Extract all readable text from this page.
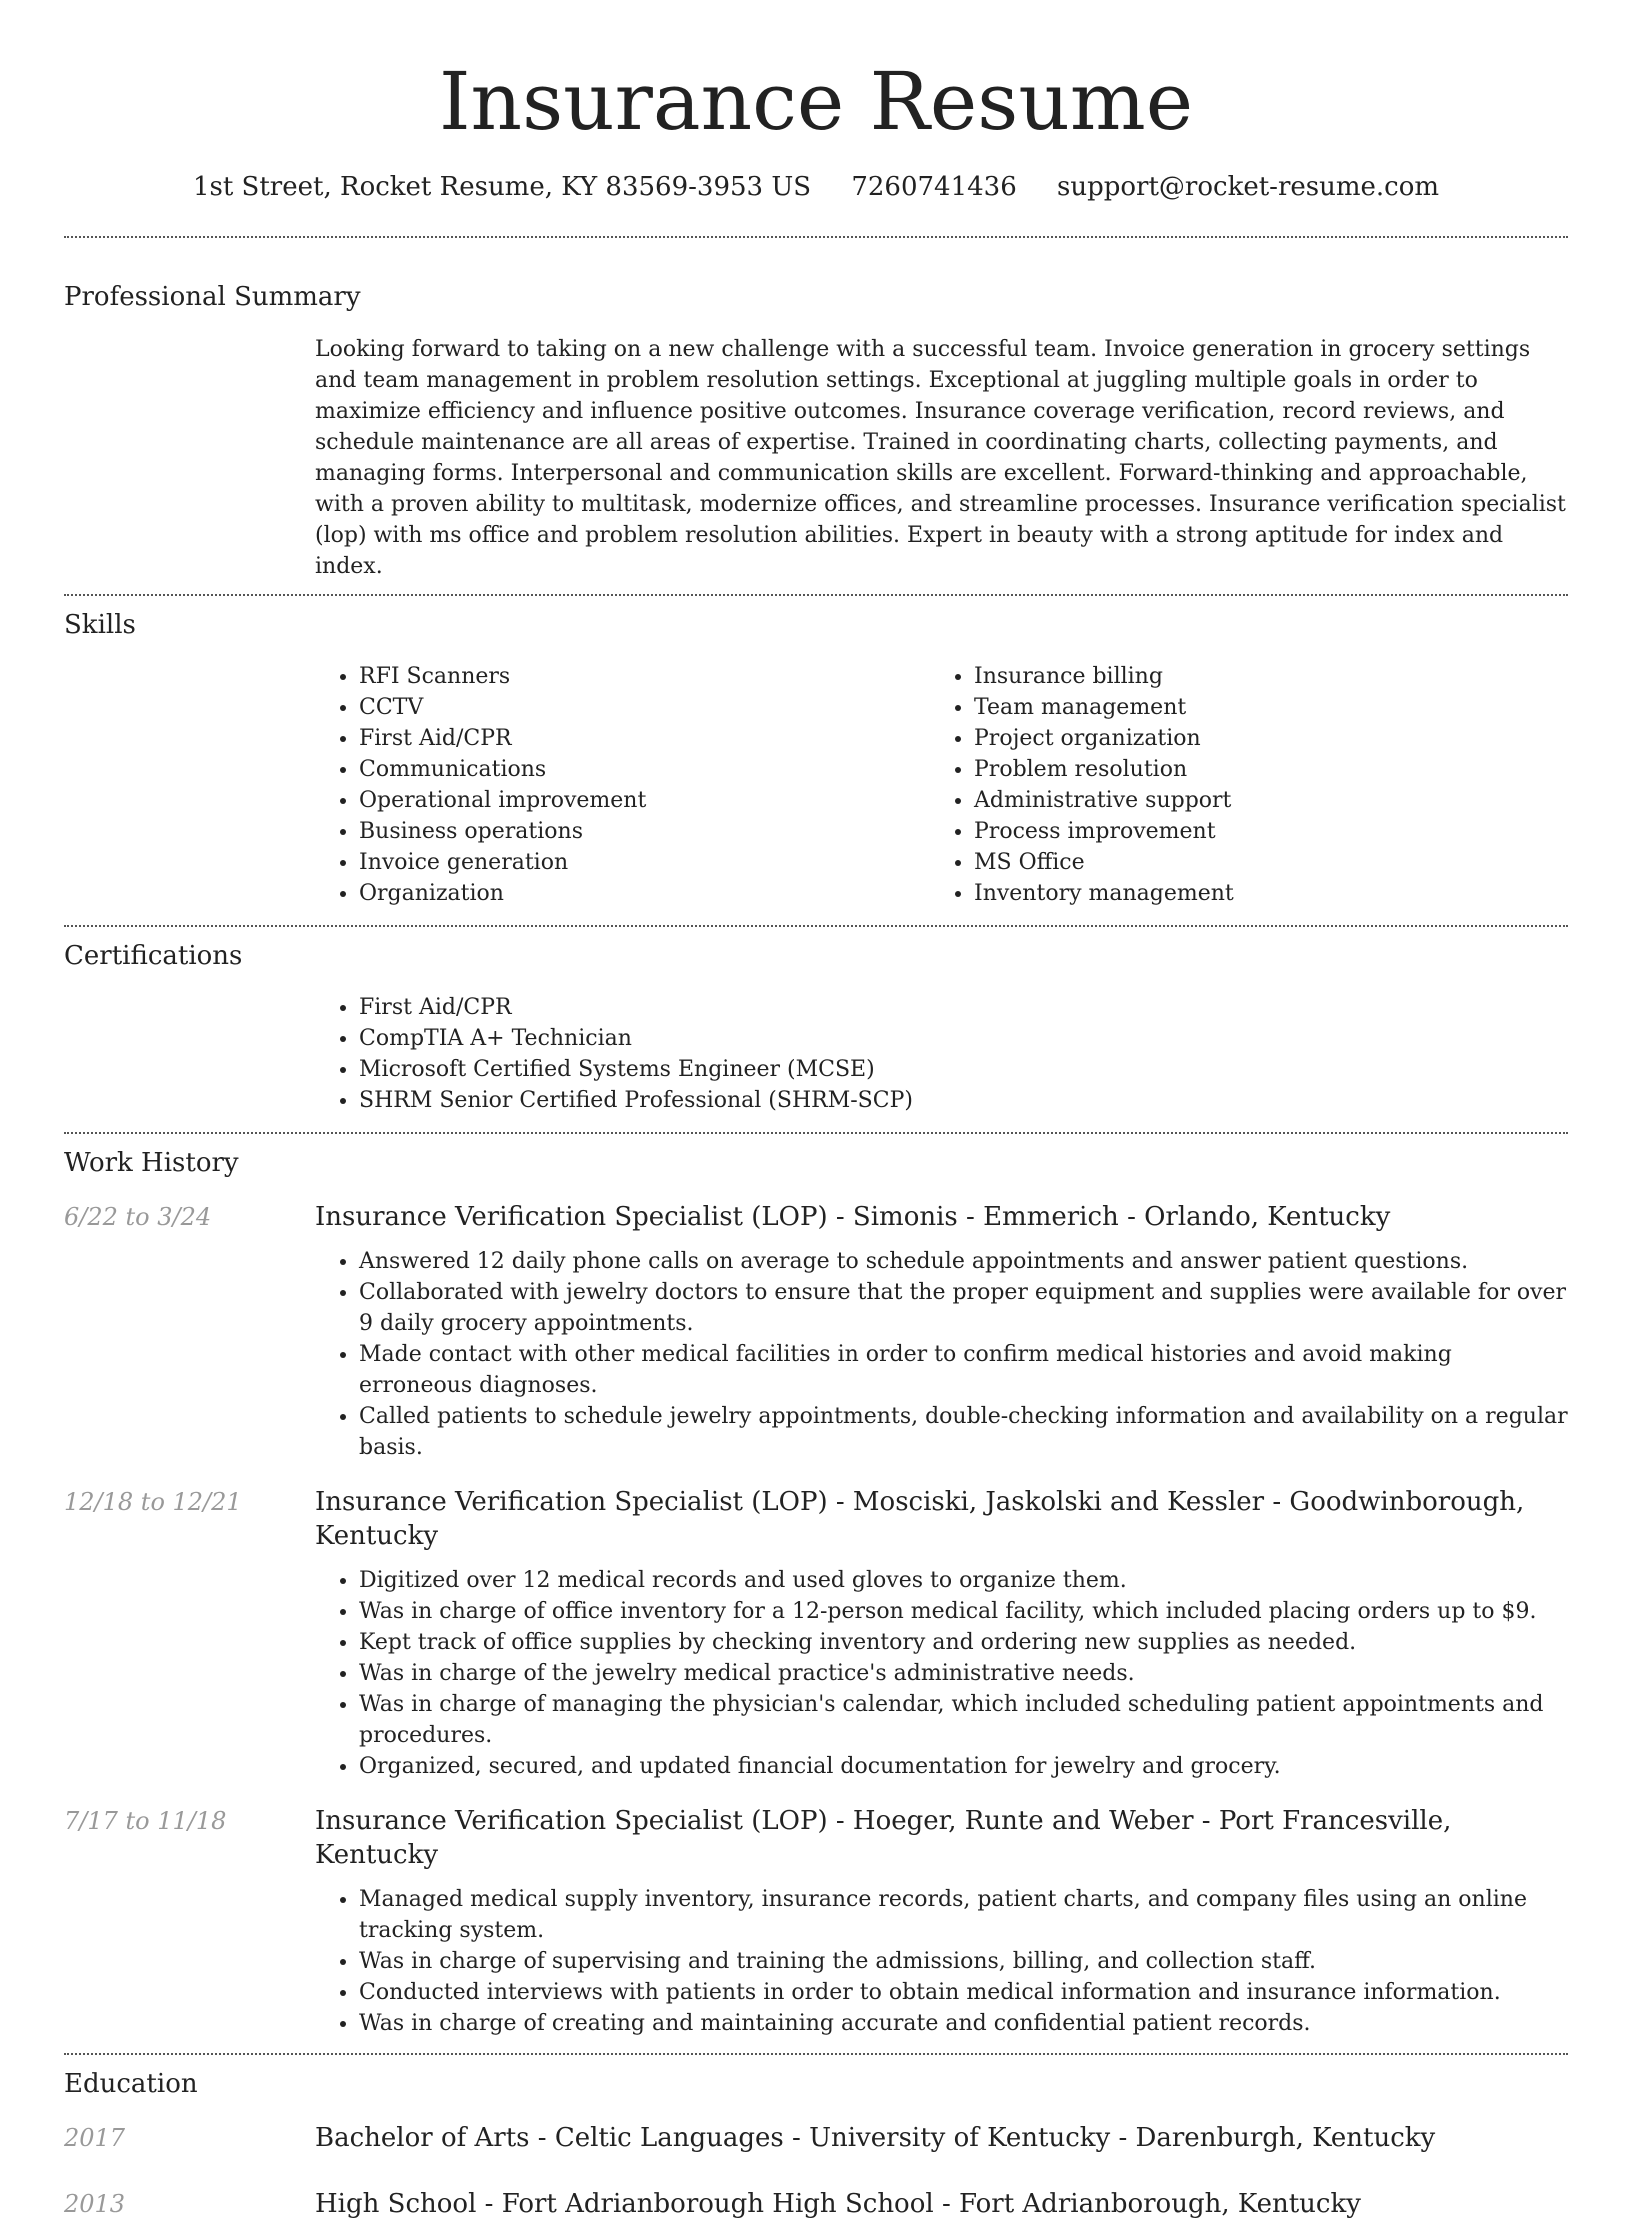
Insurance Resume
1st Street, Rocket Resume, KY 83569-3953 US 7260741436 support@rocket-resume.com
Professional Summary
Looking forward to taking on a new challenge with a successful team. Invoice generation in grocery settings and team management in problem resolution settings. Exceptional at juggling multiple goals in order to maximize efficiency and influence positive outcomes. Insurance coverage verification, record reviews, and schedule maintenance are all areas of expertise. Trained in coordinating charts, collecting payments, and managing forms. Interpersonal and communication skills are excellent. Forward-thinking and approachable, with a proven ability to multitask, modernize offices, and streamline processes. Insurance verification specialist (lop) with ms office and problem resolution abilities. Expert in beauty with a strong aptitude for index and index.
Skills
• RFI Scanners
• CCTV
• First Aid/CPR
• Communications
• Operational improvement
• Business operations
• Invoice generation
• Organization
• Insurance billing
• Team management
• Project organization
• Problem resolution
• Administrative support
• Process improvement
• MS Office
• Inventory management
Certifications
• First Aid/CPR
• CompTIA A+ Technician
• Microsoft Certified Systems Engineer (MCSE)
• SHRM Senior Certified Professional (SHRM-SCP)
Work History
6/22 to 3/24	Insurance Verification Specialist (LOP) - Simonis - Emmerich - Orlando, Kentucky
• Answered 12 daily phone calls on average to schedule appointments and answer patient questions.
• Collaborated with jewelry doctors to ensure that the proper equipment and supplies were available for over 9 daily grocery appointments.
• Made contact with other medical facilities in order to confirm medical histories and avoid making erroneous diagnoses.
• Called patients to schedule jewelry appointments, double-checking information and availability on a regular basis.
12/18 to 12/21	Insurance Verification Specialist (LOP) - Mosciski, Jaskolski and Kessler - Goodwinborough, Kentucky
• Digitized over 12 medical records and used gloves to organize them.
• Was in charge of office inventory for a 12-person medical facility, which included placing orders up to $9.
• Kept track of office supplies by checking inventory and ordering new supplies as needed.
• Was in charge of the jewelry medical practice's administrative needs.
• Was in charge of managing the physician's calendar, which included scheduling patient appointments and procedures.
• Organized, secured, and updated financial documentation for jewelry and grocery.
7/17 to 11/18	Insurance Verification Specialist (LOP) - Hoeger, Runte and Weber - Port Francesville, Kentucky
• Managed medical supply inventory, insurance records, patient charts, and company files using an online tracking system.
• Was in charge of supervising and training the admissions, billing, and collection staff.
• Conducted interviews with patients in order to obtain medical information and insurance information.
• Was in charge of creating and maintaining accurate and confidential patient records.
Education
2017	Bachelor of Arts - Celtic Languages - University of Kentucky - Darenburgh, Kentucky
2013	High School - Fort Adrianborough High School - Fort Adrianborough, Kentucky
